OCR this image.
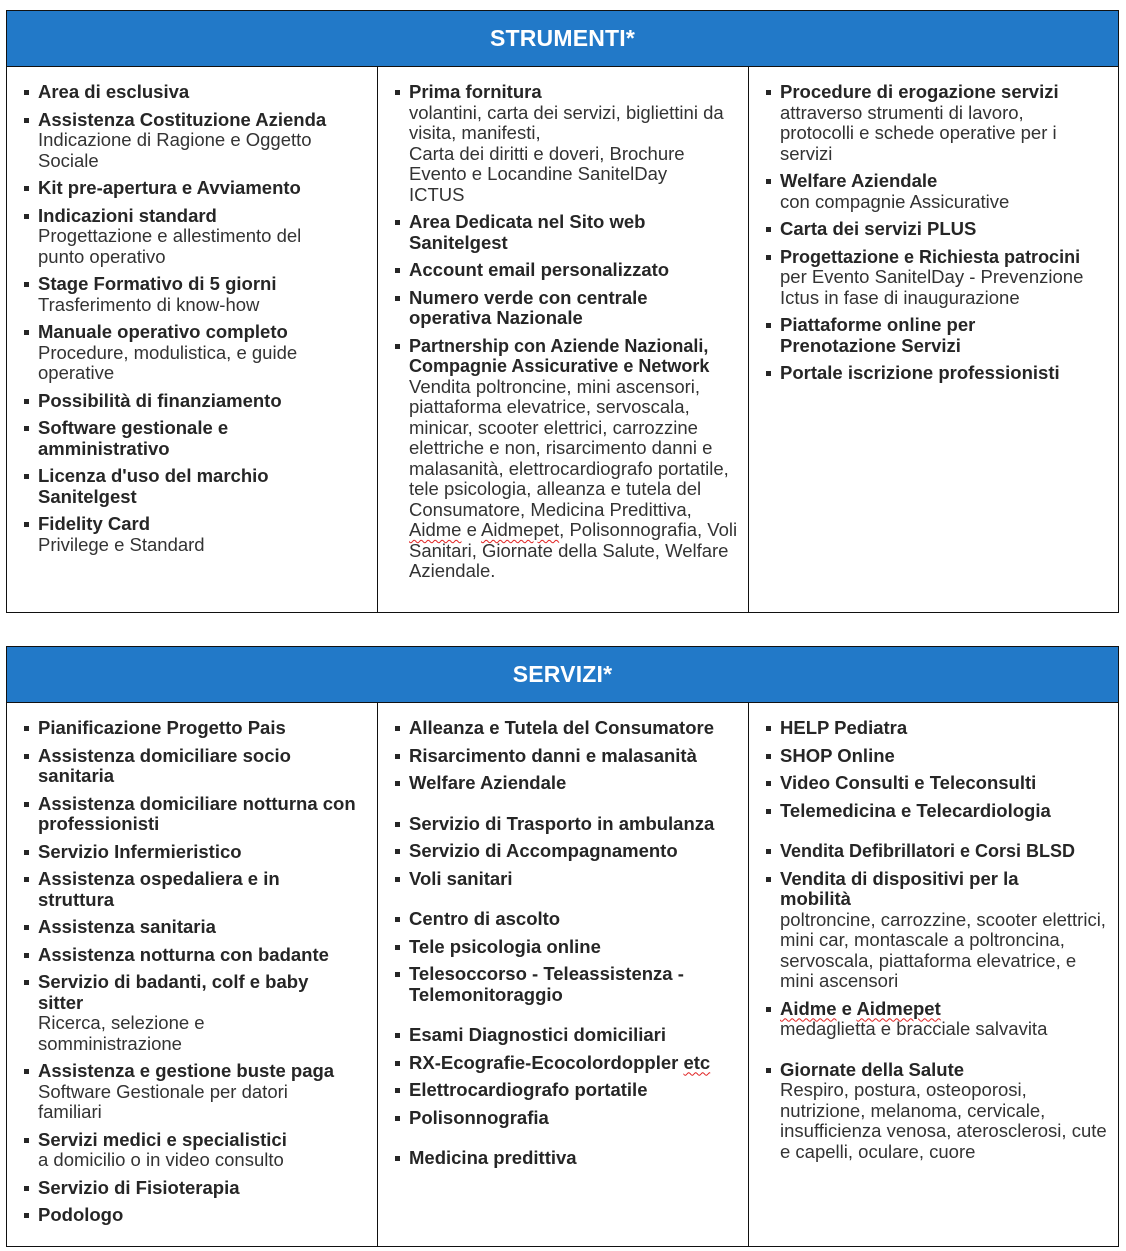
STRUMENTI*
Area di esclusiva
Assistenza Costituzione Azienda
Indicazione di Ragione e Oggetto Sociale
Kit pre-apertura e Avviamento
Indicazioni standard
Progettazione e allestimento del punto operativo
Stage Formativo di 5 giorni
Trasferimento di know-how
Manuale operativo completo
Procedure, modulistica, e guide operative
Possibilità di finanziamento
Software gestionale e amministrativo
Licenza d'uso del marchio Sanitelgest
Fidelity Card
Privilege e Standard
Prima fornitura
volantini, carta dei servizi, bigliettini da visita, manifesti,
Carta dei diritti e doveri, Brochure Evento e Locandine SanitelDay ICTUS
Area Dedicata nel Sito web Sanitelgest
Account email personalizzato
Numero verde con centrale operativa Nazionale
Partnership con Aziende Nazionali, Compagnie Assicurative e Network
Vendita poltroncine, mini ascensori, piattaforma elevatrice, servoscala, minicar, scooter elettrici, carrozzine elettriche e non, risarcimento danni e malasanità, elettrocardiografo portatile, tele psicologia, alleanza e tutela del Consumatore, Medicina Predittiva, Aidme e Aidmepet, Polisonnografia, Voli Sanitari, Giornate della Salute, Welfare Aziendale.
Procedure di erogazione servizi
attraverso strumenti di lavoro, protocolli e schede operative per i servizi
Welfare Aziendale
con compagnie Assicurative
Carta dei servizi PLUS
Progettazione e Richiesta patrocini
per Evento SanitelDay - Prevenzione Ictus in fase di inaugurazione
Piattaforme online per Prenotazione Servizi
Portale iscrizione professionisti
SERVIZI*
Pianificazione Progetto Pais
Assistenza domiciliare socio sanitaria
Assistenza domiciliare notturna con professionisti
Servizio Infermieristico
Assistenza ospedaliera e in struttura
Assistenza sanitaria
Assistenza notturna con badante
Servizio di badanti, colf e baby sitter
Ricerca, selezione e somministrazione
Assistenza e gestione buste paga
Software Gestionale per datori familiari
Servizi medici e specialistici
a domicilio o in video consulto
Servizio di Fisioterapia
Podologo
Alleanza e Tutela del Consumatore
Risarcimento danni e malasanità
Welfare Aziendale
Servizio di Trasporto in ambulanza
Servizio di Accompagnamento
Voli sanitari
Centro di ascolto
Tele psicologia online
Telesoccorso - Teleassistenza - Telemonitoraggio
Esami Diagnostici domiciliari
RX-Ecografie-Ecocolordoppler etc
Elettrocardiografo portatile
Polisonnografia
Medicina predittiva
HELP Pediatra
SHOP Online
Video Consulti e Teleconsulti
Telemedicina e Telecardiologia
Vendita Defibrillatori e Corsi BLSD
Vendita di dispositivi per la mobilità
poltroncine, carrozzine, scooter elettrici, mini car, montascale a poltroncina, servoscala, piattaforma elevatrice, e mini ascensori
Aidme e Aidmepet
medaglietta e bracciale salvavita
Giornate della Salute
Respiro, postura, osteoporosi, nutrizione, melanoma, cervicale, insufficienza venosa, aterosclerosi, cute e capelli, oculare, cuore
